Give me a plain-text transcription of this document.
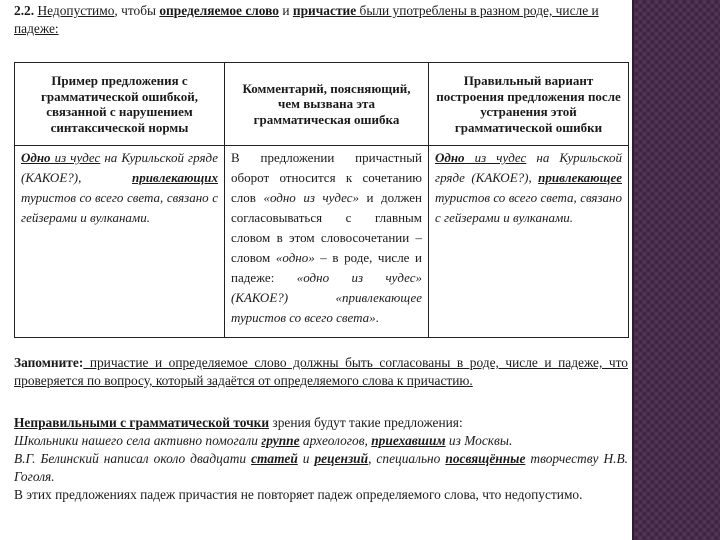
2.2. Недопустимо, чтобы определяемое слово и причастие были употреблены в разном роде, числе и падеже:
Пример предложения с грамматической ошибкой, связанной с нарушением синтаксической нормы	Комментарий, поясняющий, чем вызвана эта грамматическая ошибка	Правильный вариант построения предложения после устранения этой грамматической ошибки
Одно из чудес на Курильской гряде (КАКОЕ?), привлекающих туристов со всего света, связано с гейзерами и вулканами.	В предложении причастный оборот относится к сочетанию слов «одно из чудес» и должен согласовываться с главным словом в этом словосочетании – словом «одно» – в роде, числе и падеже: «одно из чудес» (КАКОЕ?) «привлекающее туристов со всего света».	Одно из чудес на Курильской гряде (КАКОЕ?), привлекающее туристов со всего света, связано с гейзерами и вулканами.
Запомните: причастие и определяемое слово должны быть согласованы в роде, числе и падеже, что проверяется по вопросу, который задаётся от определяемого слова к причастию.
Неправильными с грамматической точки зрения будут такие предложения:
Школьники нашего села активно помогали группе археологов, приехавшим из Москвы.
В.Г. Белинский написал около двадцати статей и рецензий, специально посвящённые творчеству Н.В. Гоголя.
В этих предложениях падеж причастия не повторяет падеж определяемого слова, что недопустимо.
